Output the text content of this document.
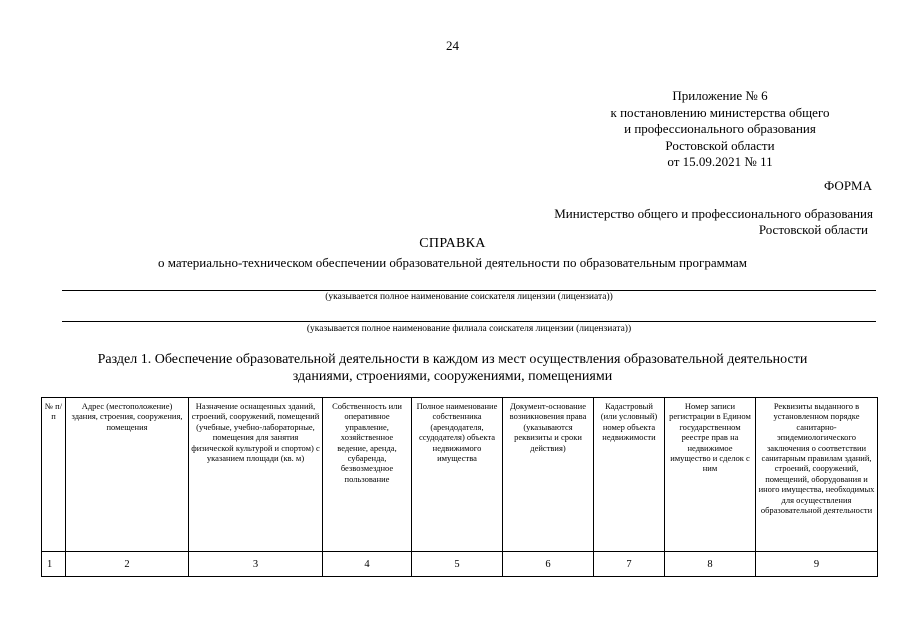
24
Приложение № 6
к постановлению министерства общего
и профессионального образования
Ростовской области
от 15.09.2021 № 11
ФОРМА
Министерство общего и профессионального образования
Ростовской области
СПРАВКА
о материально-техническом обеспечении образовательной деятельности по образовательным программам
(указывается полное наименование соискателя лицензии (лицензиата))
(указывается полное наименование филиала соискателя лицензии (лицензиата))
Раздел 1. Обеспечение образовательной деятельности в каждом из мест осуществления образовательной деятельности
зданиями, строениями, сооружениями, помещениями
№ п/п	Адрес (местоположение) здания, строения, сооружения, помещения	Назначение оснащенных зданий, строений, сооружений, помещений (учебные, учебно-лабораторные, помещения для занятия физической культурой и спортом) с указанием площади (кв. м)	Собственность или оперативное управление, хозяйственное ведение, аренда, субаренда, безвозмездное пользование	Полное наименование собственника (арендодателя, ссудодателя) объекта недвижимого имущества	Документ-основание возникновения права (указываются реквизиты и сроки действия)	Кадастровый (или условный) номер объекта недвижимости	Номер записи регистрации в Едином государственном реестре прав на недвижимое имущество и сделок с ним	Реквизиты выданного в установленном порядке санитарно-эпидемиологического заключения о соответствии санитарным правилам зданий, строений, сооружений, помещений, оборудования и иного имущества, необходимых для осуществления образовательной деятельности
1	2	3	4	5	6	7	8	9
